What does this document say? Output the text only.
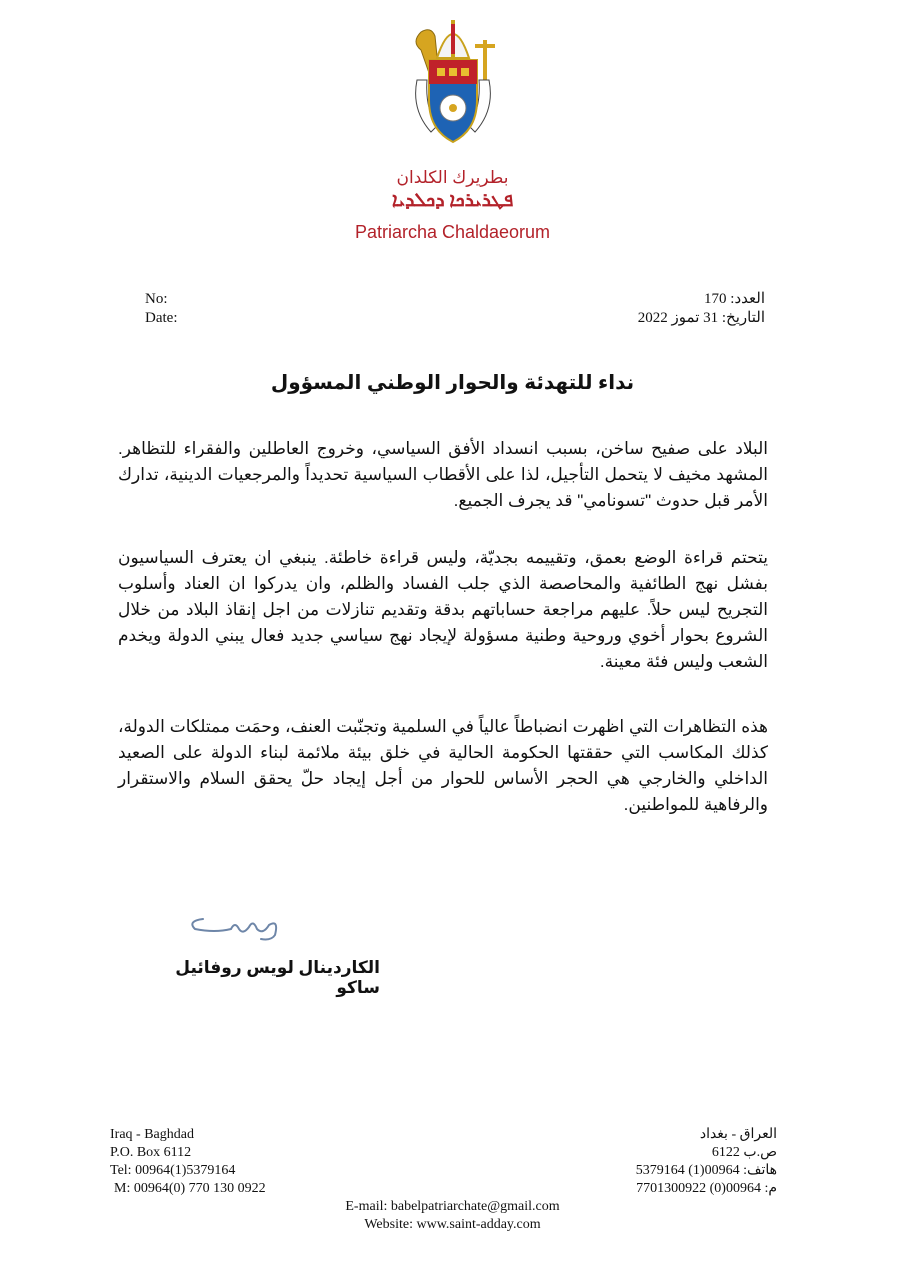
بطريرك الكلدان
ܦܛܪܝܪܟܐ ܕܟܠܕܝܐ
Patriarcha Chaldaeorum
No:
Date:
العدد: 170
التاريخ: 31 تموز 2022
نداء للتهدئة والحوار الوطني المسؤول
البلاد على صفيح ساخن، بسبب انسداد الأفق السياسي، وخروج العاطلين والفقراء للتظاهر. المشهد مخيف لا يتحمل التأجيل، لذا على الأقطاب السياسية تحديداً والمرجعيات الدينية، تدارك الأمر قبل حدوث "تسونامي" قد يجرف الجميع.
يتحتم قراءة الوضع بعمق، وتقييمه بجديّة، وليس قراءة خاطئة. ينبغي ان يعترف السياسيون بفشل نهج الطائفية والمحاصصة الذي جلب الفساد والظلم، وان يدركوا ان العناد وأسلوب التجريح ليس حلاً. عليهم مراجعة حساباتهم بدقة وتقديم تنازلات من اجل إنقاذ البلاد من خلال الشروع بحوار أخوي وروحية وطنية مسؤولة لإيجاد نهج سياسي جديد فعال يبني الدولة ويخدم الشعب وليس فئة معينة.
هذه التظاهرات التي اظهرت انضباطاً عالياً في السلمية وتجنّبت العنف، وحمَت ممتلكات الدولة، كذلك المكاسب التي حققتها الحكومة الحالية في خلق بيئة ملائمة لبناء الدولة على الصعيد الداخلي والخارجي هي الحجر الأساس للحوار من أجل إيجاد حلّ يحقق السلام والاستقرار والرفاهية للمواطنين.
الكاردينال لويس روفائيل ساكو
Iraq - Baghdad
P.O. Box 6112
Tel: 00964(1)5379164
M: 00964(0) 770 130 0922
العراق - بغداد
ص.ب 6122
هاتف: 00964(1) 5379164
م: 00964(0) 7701300922
E-mail: babelpatriarchate@gmail.com
Website: www.saint-adday.com
